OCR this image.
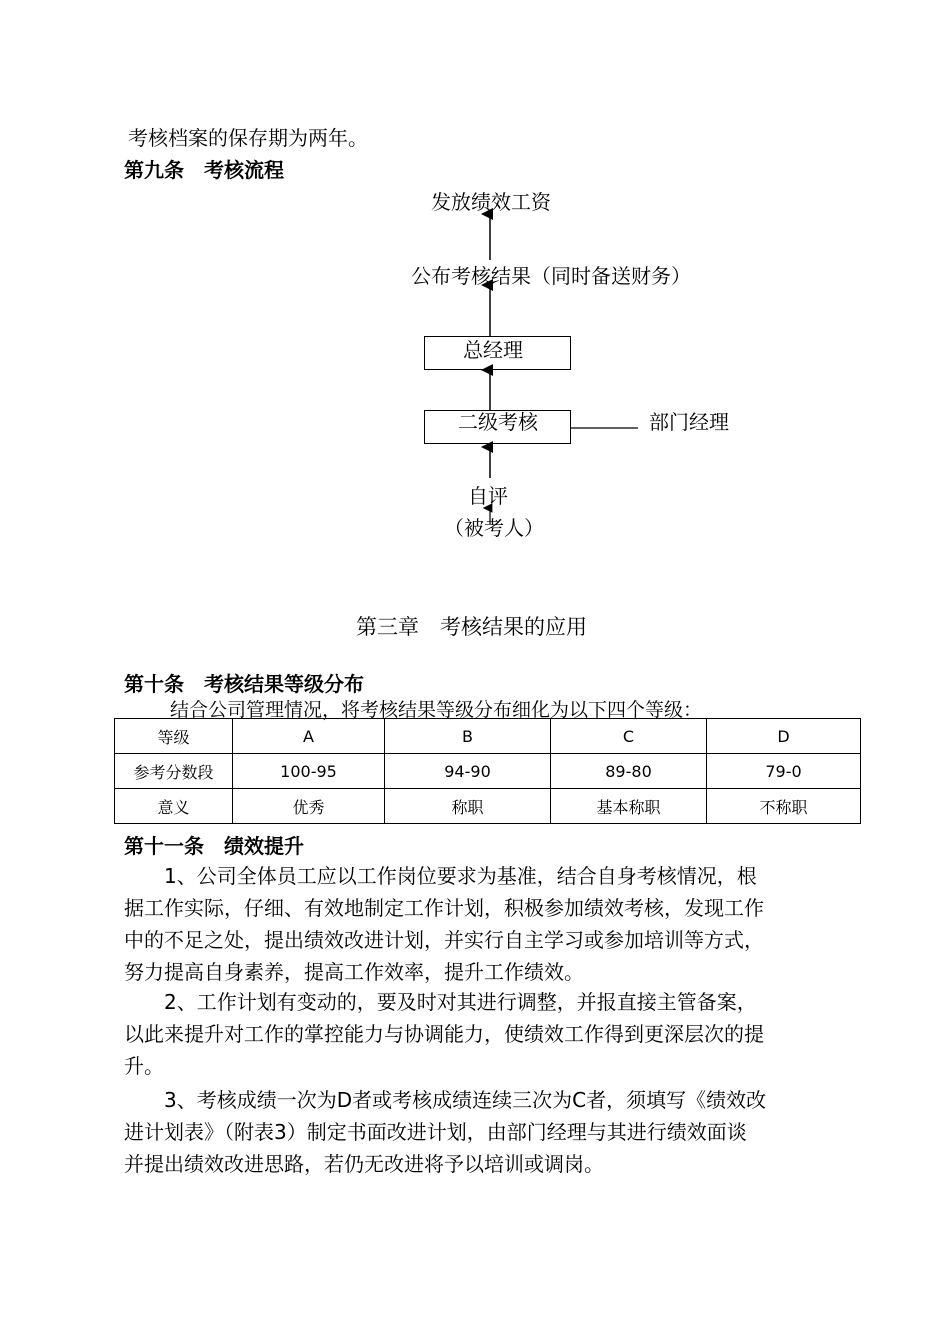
考核档案的保存期为两年。
第九条　考核流程
发放绩效工资
公布考核结果（同时备送财务）
总经理
二级考核	部门经理
自评
（被考人）
第三章　考核结果的应用
第十条　考核结果等级分布
结合公司管理情况，将考核结果等级分布细化为以下四个等级：
等级	A	B	C	D
参考分数段	100-95	94-90	89-80	79-0
意义	优秀	称职	基本称职	不称职
第十一条　绩效提升
　　1、公司全体员工应以工作岗位要求为基准，结合自身考核情况，根
据工作实际，仔细、有效地制定工作计划，积极参加绩效考核，发现工作
中的不足之处，提出绩效改进计划，并实行自主学习或参加培训等方式，
努力提高自身素养，提高工作效率，提升工作绩效。
　　2、工作计划有变动的，要及时对其进行调整，并报直接主管备案，
以此来提升对工作的掌控能力与协调能力，使绩效工作得到更深层次的提
升。
　　3、考核成绩一次为D者或考核成绩连续三次为C者，须填写《绩效改
进计划表》（附表3）制定书面改进计划，由部门经理与其进行绩效面谈
并提出绩效改进思路，若仍无改进将予以培训或调岗。
